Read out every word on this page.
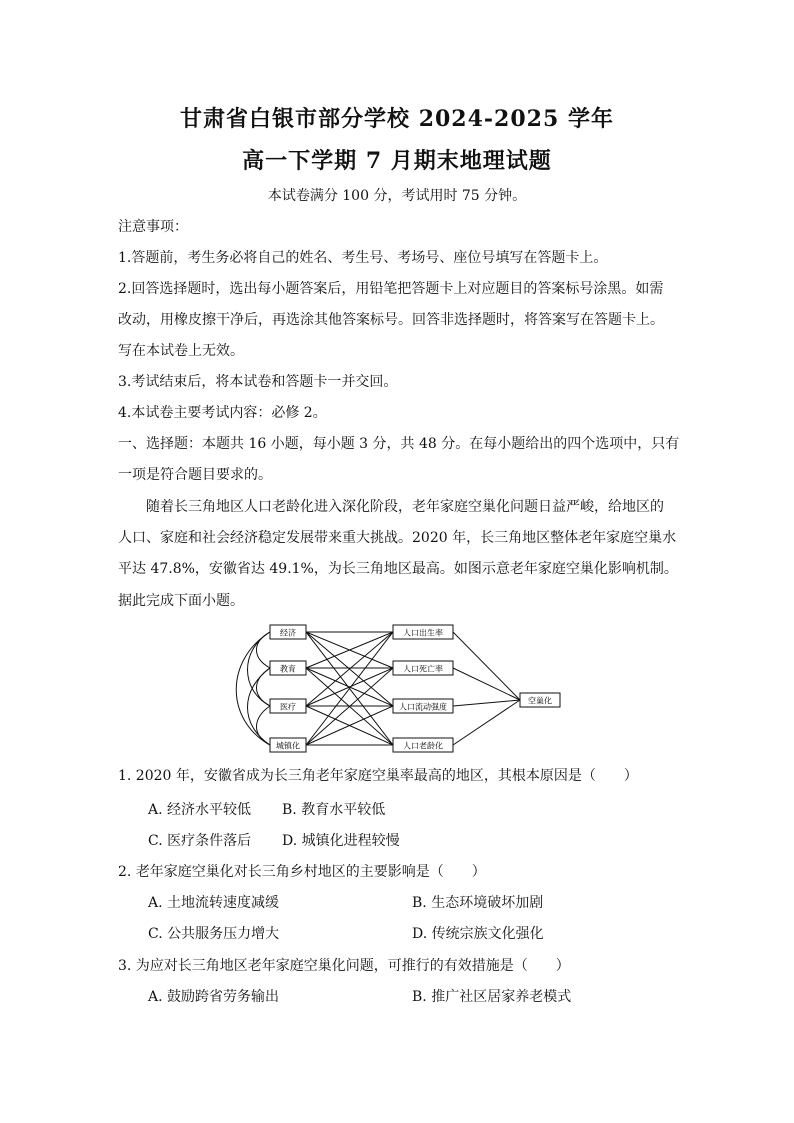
甘肃省白银市部分学校 2024-2025 学年
高一下学期 7 月期末地理试题
本试卷满分 100 分，考试用时 75 分钟。
注意事项：
1.答题前，考生务必将自己的姓名、考生号、考场号、座位号填写在答题卡上。
2.回答选择题时，选出每小题答案后，用铅笔把答题卡上对应题目的答案标号涂黑。如需
改动，用橡皮擦干净后，再选涂其他答案标号。回答非选择题时，将答案写在答题卡上。
写在本试卷上无效。
3.考试结束后，将本试卷和答题卡一并交回。
4.本试卷主要考试内容：必修 2。
一、选择题：本题共 16 小题，每小题 3 分，共 48 分。在每小题给出的四个选项中，只有
一项是符合题目要求的。
随着长三角地区人口老龄化进入深化阶段，老年家庭空巢化问题日益严峻，给地区的
人口、家庭和社会经济稳定发展带来重大挑战。2020 年，长三角地区整体老年家庭空巢水
平达 47.8%，安徽省达 49.1%，为长三角地区最高。如图示意老年家庭空巢化影响机制。
据此完成下面小题。
经济
教育
医疗
城镇化
人口出生率
人口死亡率
人口流动强度
人口老龄化
空巢化
1. 2020 年，安徽省成为长三角老年家庭空巢率最高的地区，其根本原因是（　　）
A. 经济水平较低 B. 教育水平较低
C. 医疗条件落后 D. 城镇化进程较慢
2. 老年家庭空巢化对长三角乡村地区的主要影响是（　　）
A. 土地流转速度减缓	B. 生态环境破坏加剧
C. 公共服务压力增大	D. 传统宗族文化强化
3. 为应对长三角地区老年家庭空巢化问题，可推行的有效措施是（　　）
A. 鼓励跨省劳务输出	B. 推广社区居家养老模式
